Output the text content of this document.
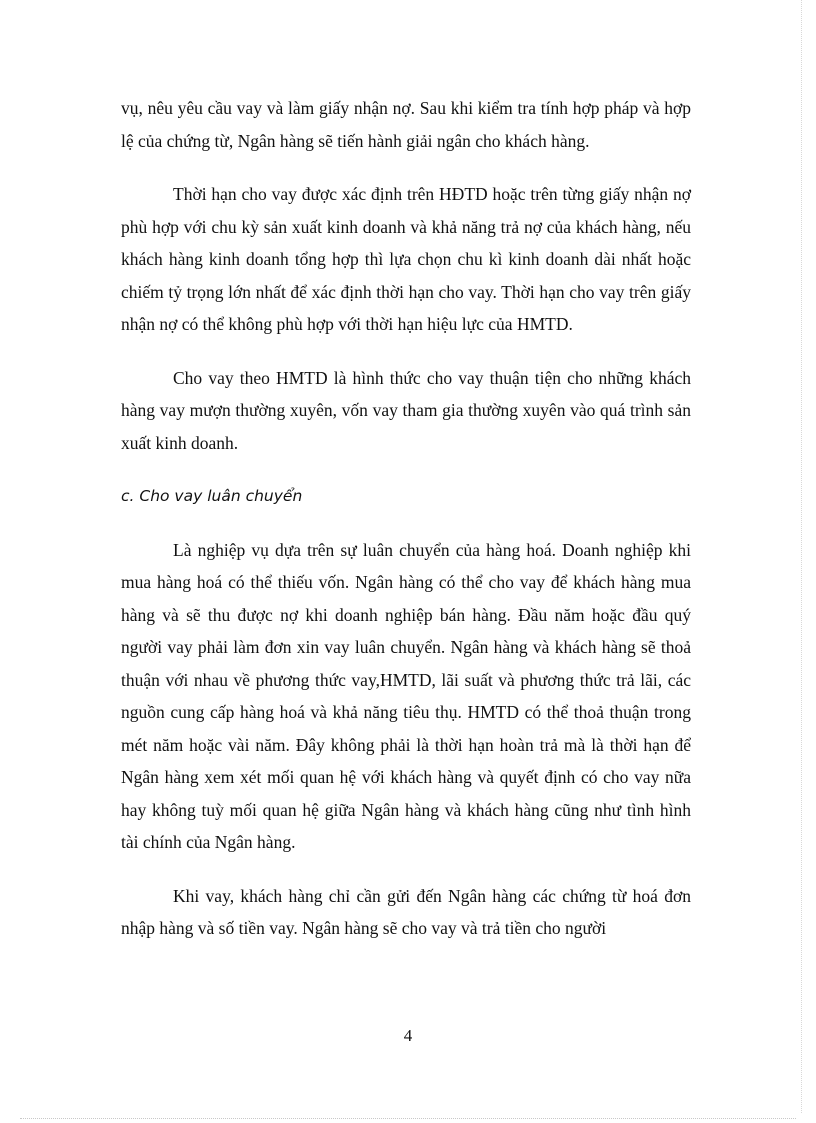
vụ, nêu yêu cầu vay và làm giấy nhận nợ. Sau khi kiểm tra tính hợp pháp và hợp lệ của chứng từ, Ngân hàng sẽ tiến hành giải ngân cho khách hàng.

Thời hạn cho vay được xác định trên HĐTD hoặc trên từng giấy nhận nợ phù hợp với chu kỳ sản xuất kinh doanh và khả năng trả nợ của khách hàng, nếu khách hàng kinh doanh tổng hợp thì lựa chọn chu kì kinh doanh dài nhất hoặc chiếm tỷ trọng lớn nhất để xác định thời hạn cho vay. Thời hạn cho vay trên giấy nhận nợ có thể không phù hợp với thời hạn hiệu lực của HMTD.

Cho vay theo HMTD là hình thức cho vay thuận tiện cho những khách hàng vay mượn thường xuyên, vốn vay tham gia thường xuyên vào quá trình sản xuất kinh doanh.

c. Cho vay luân chuyển

Là nghiệp vụ dựa trên sự luân chuyển của hàng hoá. Doanh nghiệp khi mua hàng hoá có thể thiếu vốn. Ngân hàng có thể cho vay để khách hàng mua hàng và sẽ thu được nợ khi doanh nghiệp bán hàng. Đầu năm hoặc đầu quý người vay phải làm đơn xin vay luân chuyển. Ngân hàng và khách hàng sẽ thoả thuận với nhau về phương thức vay,HMTD, lãi suất và phương thức trả lãi, các nguồn cung cấp hàng hoá và khả năng tiêu thụ. HMTD có thể thoả thuận trong mét năm hoặc vài năm. Đây không phải là thời hạn hoàn trả mà là thời hạn để Ngân hàng xem xét mối quan hệ với khách hàng và quyết định có cho vay nữa hay không tuỳ mối quan hệ giữa Ngân hàng và khách hàng cũng như tình hình tài chính của Ngân hàng.

Khi vay, khách hàng chỉ cần gửi đến Ngân hàng các chứng từ hoá đơn nhập hàng và số tiền vay. Ngân hàng sẽ cho vay và trả tiền cho người

4
